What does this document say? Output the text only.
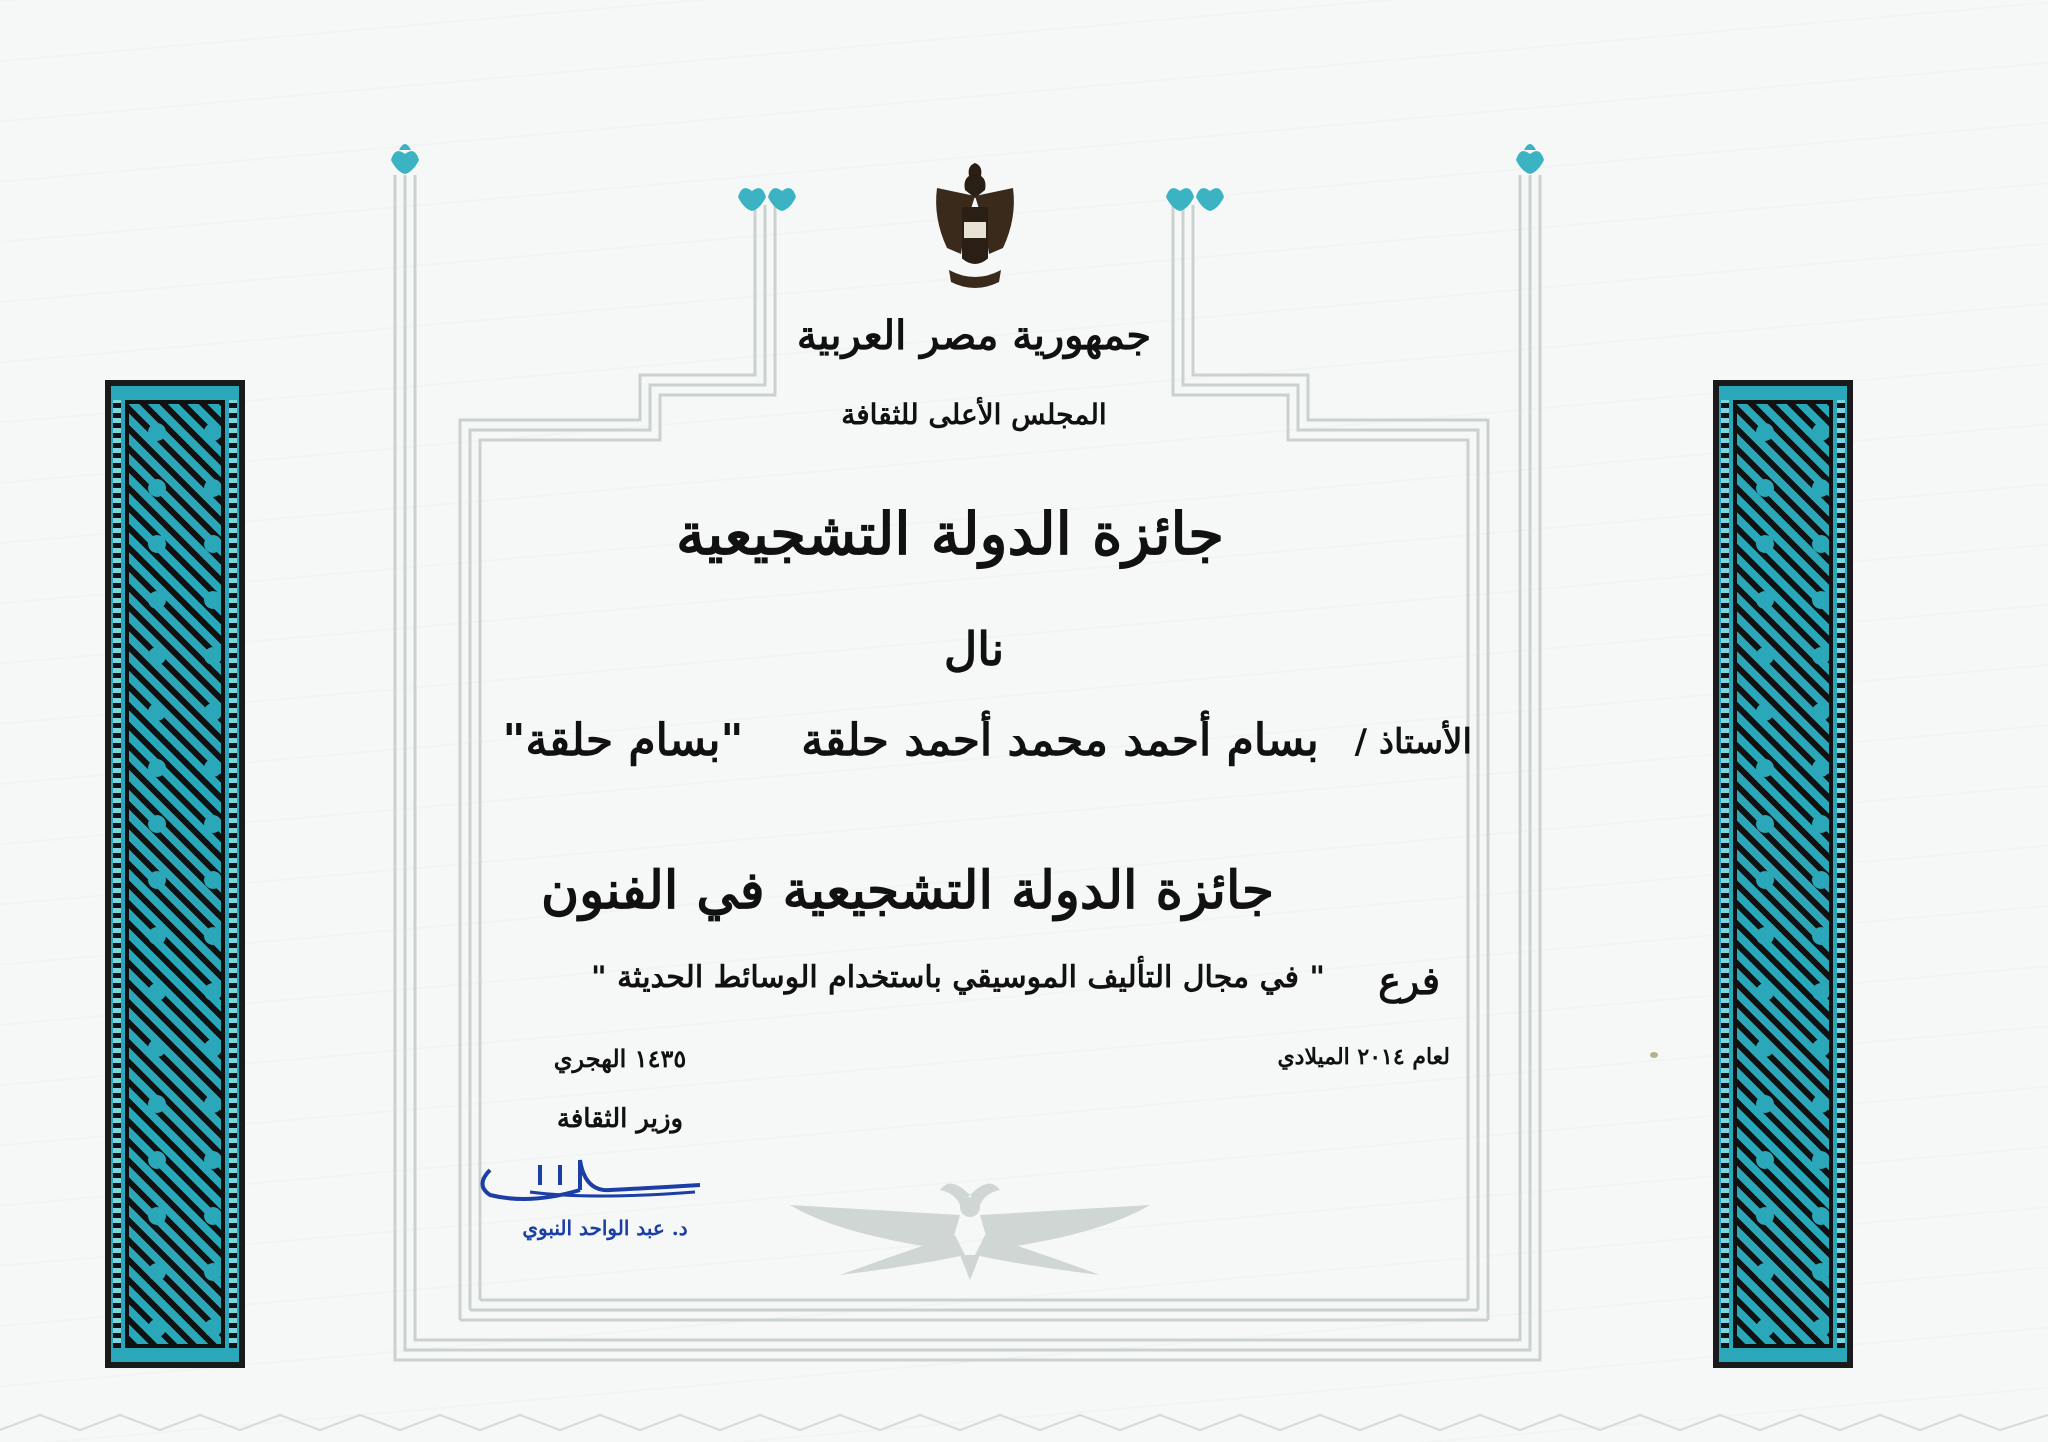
جمهورية مصر العربية
المجلس الأعلى للثقافة
جائزة الدولة التشجيعية
نال
الأستاذ /
بسام أحمد محمد أحمد حلقة
"بسام حلقة"
جائزة الدولة التشجيعية في الفنون
فرع
" في مجال التأليف الموسيقي باستخدام الوسائط الحديثة "
لعام ٢٠١٤ الميلادي
١٤٣٥ الهجري
وزير الثقافة
د. عبد الواحد النبوي
